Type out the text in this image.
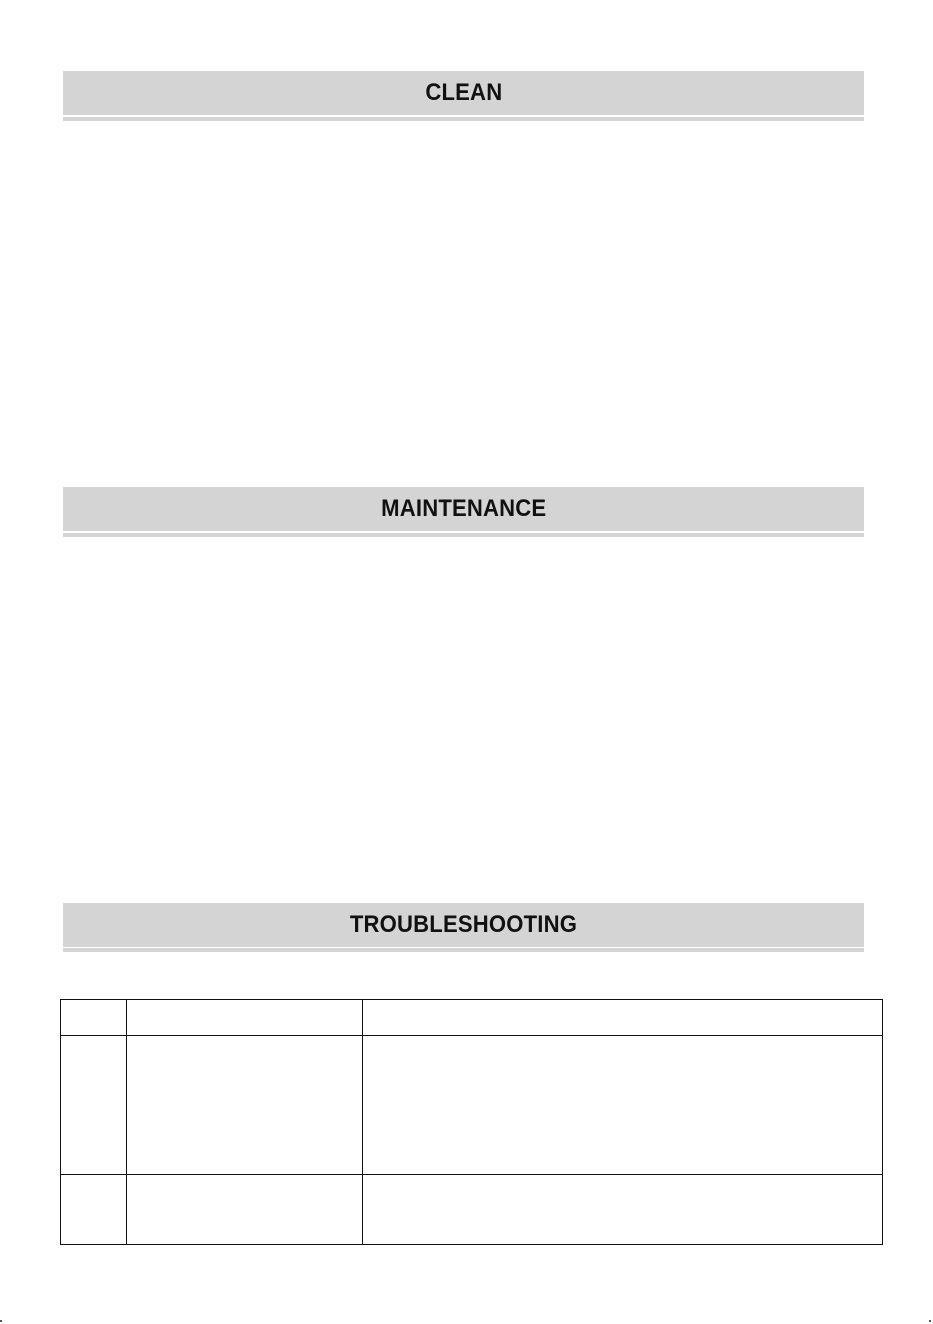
CLEAN
MAINTENANCE
TROUBLESHOOTING
